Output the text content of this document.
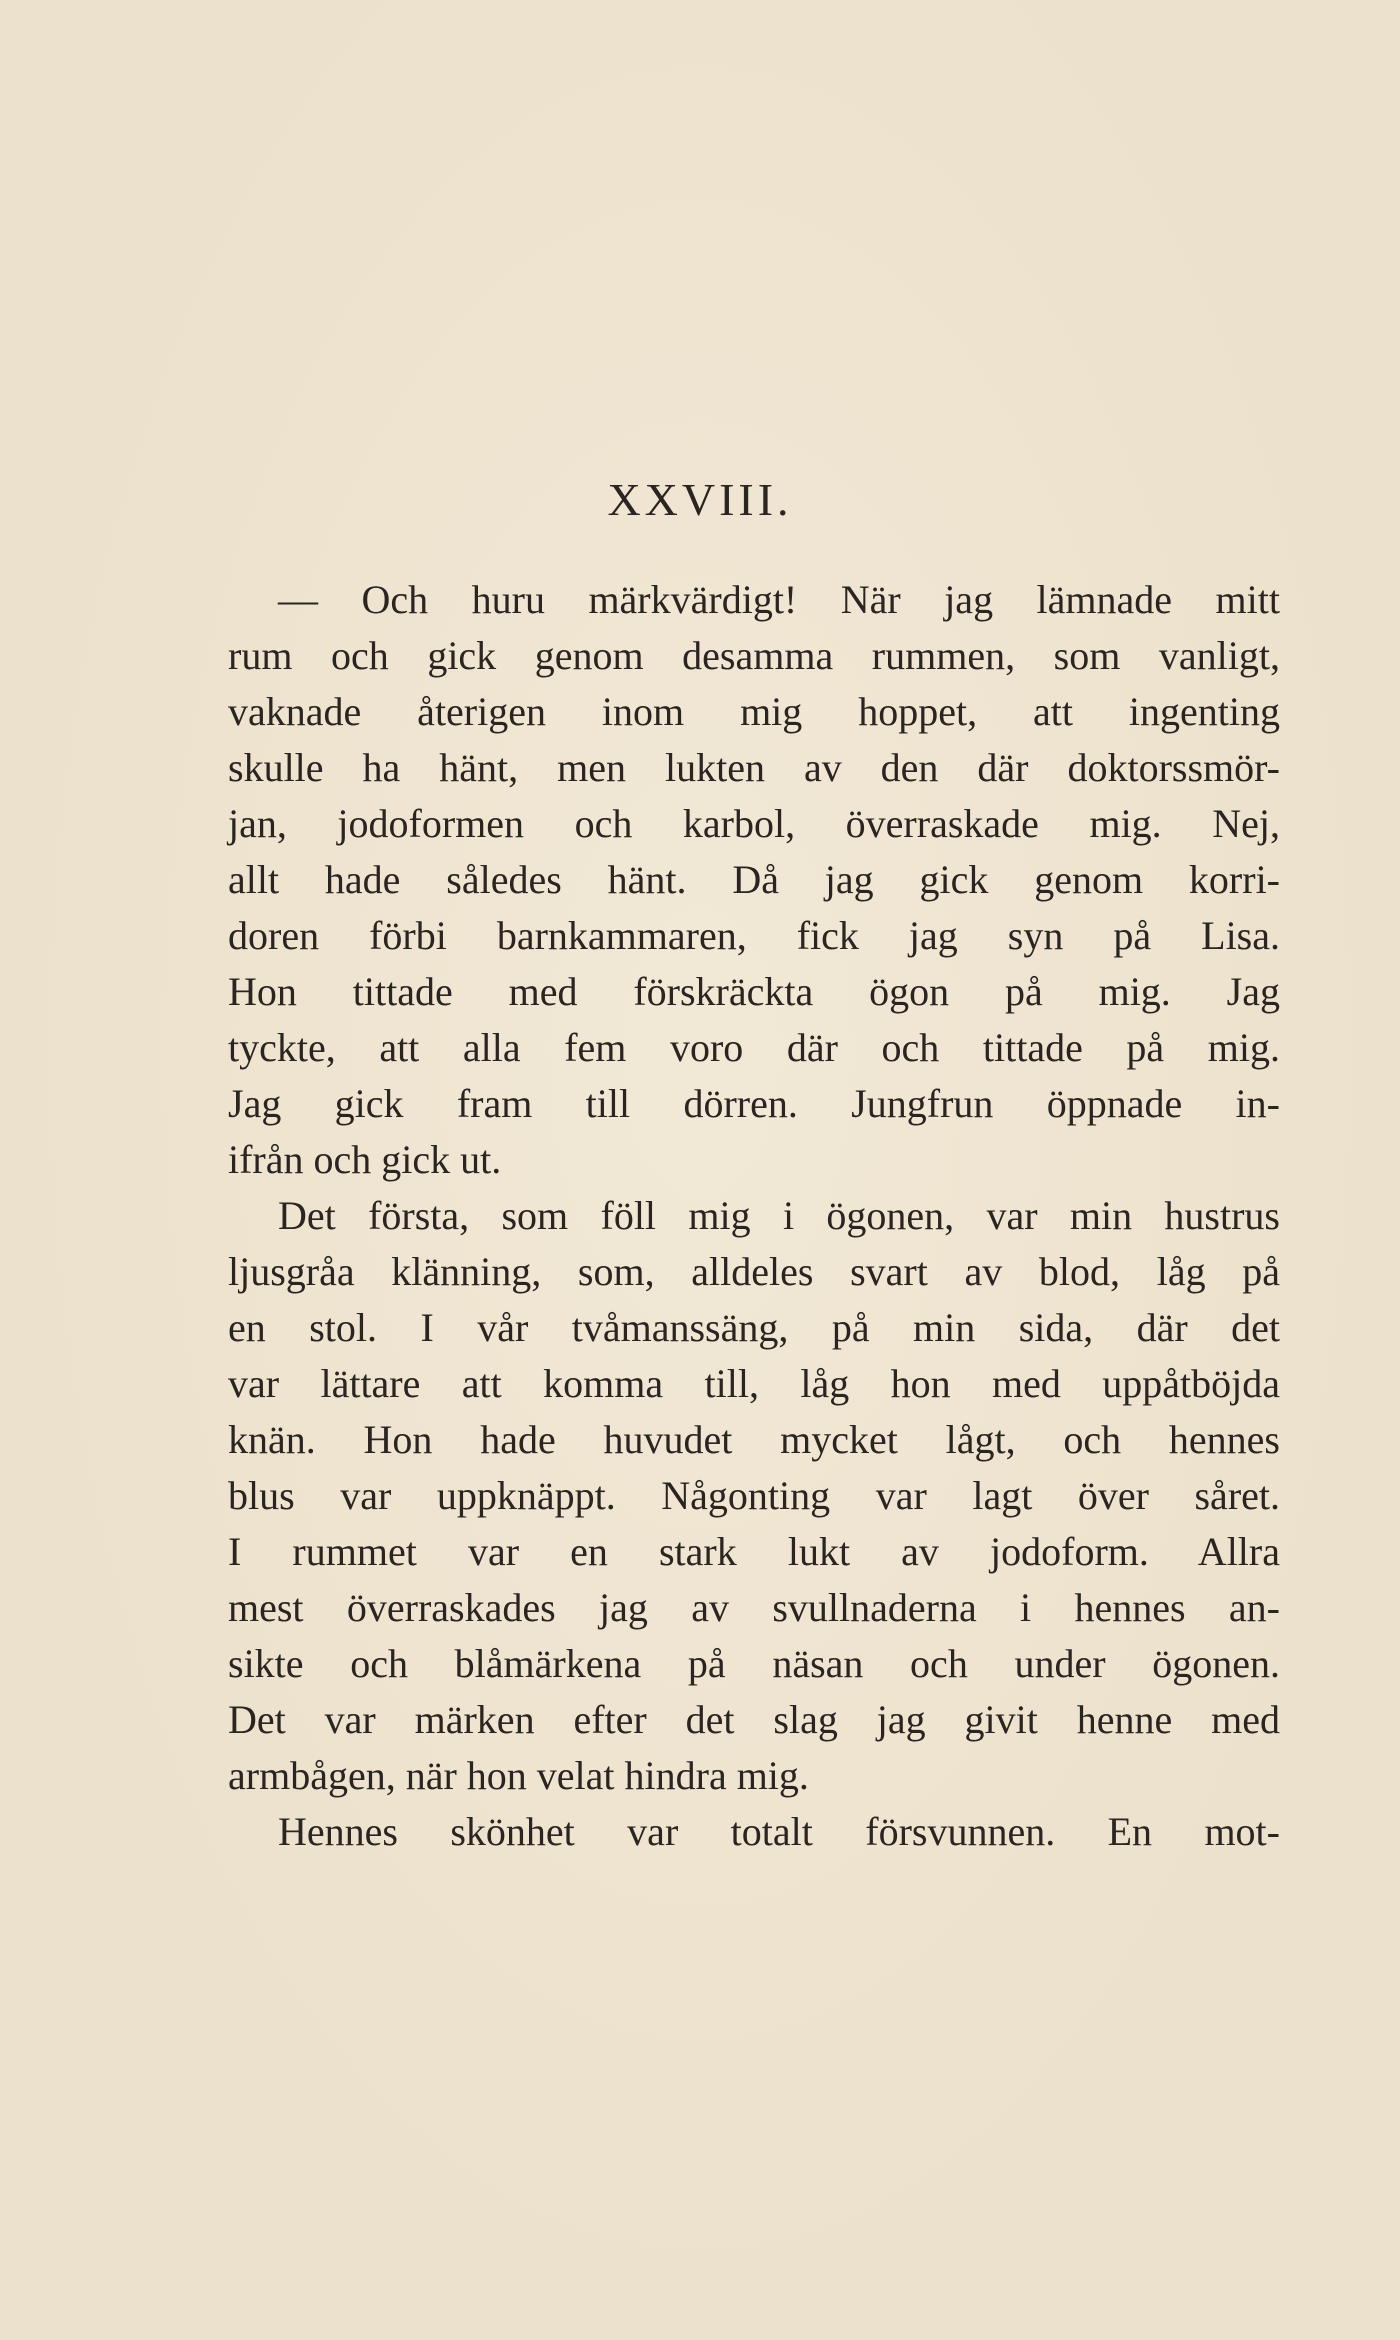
XXVIII.
— Och huru märkvärdigt! När jag lämnade mitt
rum och gick genom desamma rummen, som vanligt,
vaknade återigen inom mig hoppet, att ingenting
skulle ha hänt, men lukten av den där doktorssmör-
jan, jodoformen och karbol, överraskade mig. Nej,
allt hade således hänt. Då jag gick genom korri-
doren förbi barnkammaren, fick jag syn på Lisa.
Hon tittade med förskräckta ögon på mig. Jag
tyckte, att alla fem voro där och tittade på mig.
Jag gick fram till dörren. Jungfrun öppnade in-
ifrån och gick ut.
Det första, som föll mig i ögonen, var min hustrus
ljusgråa klänning, som, alldeles svart av blod, låg på
en stol. I vår tvåmanssäng, på min sida, där det
var lättare att komma till, låg hon med uppåtböjda
knän. Hon hade huvudet mycket lågt, och hennes
blus var uppknäppt. Någonting var lagt över såret.
I rummet var en stark lukt av jodoform. Allra
mest överraskades jag av svullnaderna i hennes an-
sikte och blåmärkena på näsan och under ögonen.
Det var märken efter det slag jag givit henne med
armbågen, när hon velat hindra mig.
Hennes skönhet var totalt försvunnen. En mot-
